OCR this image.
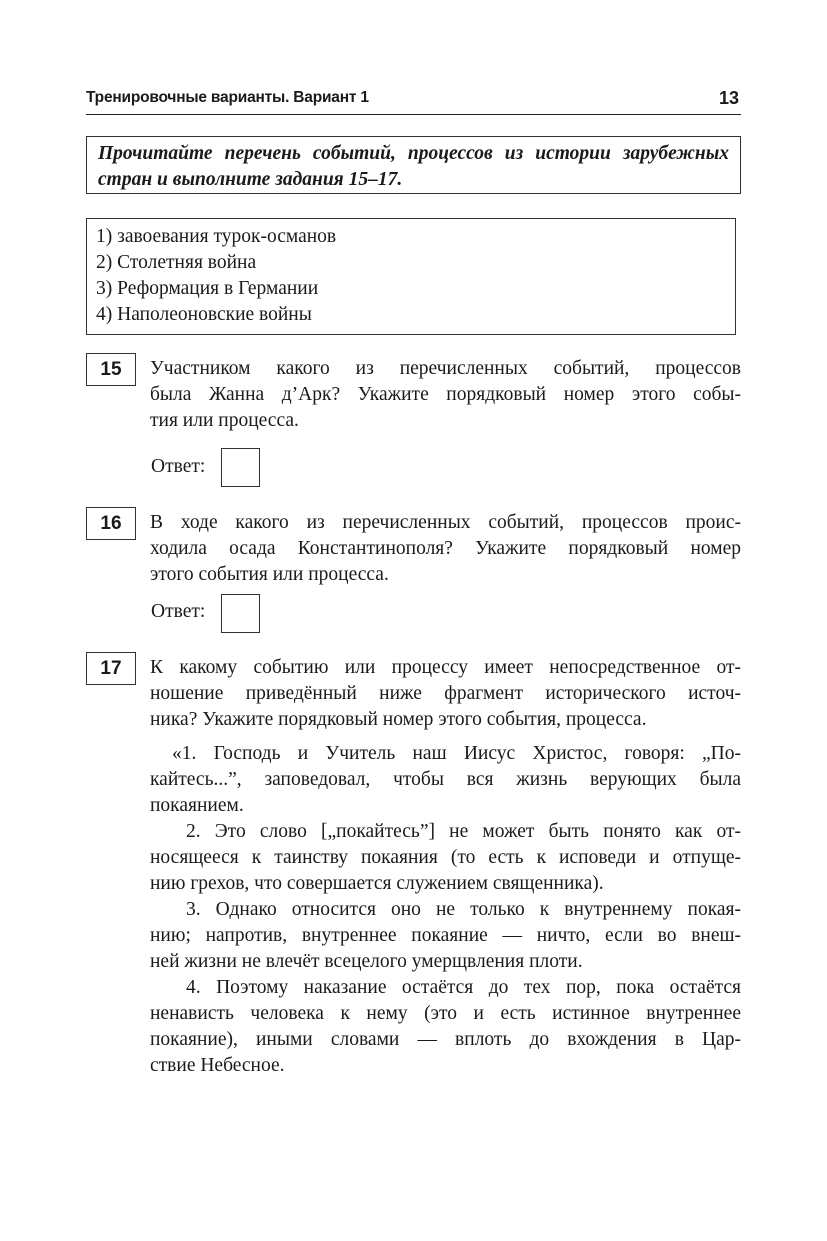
Тренировочные варианты. Вариант 1	13
Прочитайте перечень событий, процессов из истории зарубежных
стран и выполните задания 15–17.
1) завоевания турок-османов
2) Столетняя война
3) Реформация в Германии
4) Наполеоновские войны
15	Участником какого из перечисленных событий, процессов
была Жанна д’Арк? Укажите порядковый номер этого собы-
тия или процесса.
Ответ:
16	В ходе какого из перечисленных событий, процессов проис-
ходила осада Константинополя? Укажите порядковый номер
этого события или процесса.
Ответ:
17	К какому событию или процессу имеет непосредственное от-
ношение приведённый ниже фрагмент исторического источ-
ника? Укажите порядковый номер этого события, процесса.
«1. Господь и Учитель наш Иисус Христос, говоря: „По-
кайтесь...”, заповедовал, чтобы вся жизнь верующих была
покаянием.
2. Это слово [„покайтесь”] не может быть понято как от-
носящееся к таинству покаяния (то есть к исповеди и отпуще-
нию грехов, что совершается служением священника).
3. Однако относится оно не только к внутреннему покая-
нию; напротив, внутреннее покаяние — ничто, если во внеш-
ней жизни не влечёт всецелого умерщвления плоти.
4. Поэтому наказание остаётся до тех пор, пока остаётся
ненависть человека к нему (это и есть истинное внутреннее
покаяние), иными словами — вплоть до вхождения в Цар-
ствие Небесное.
